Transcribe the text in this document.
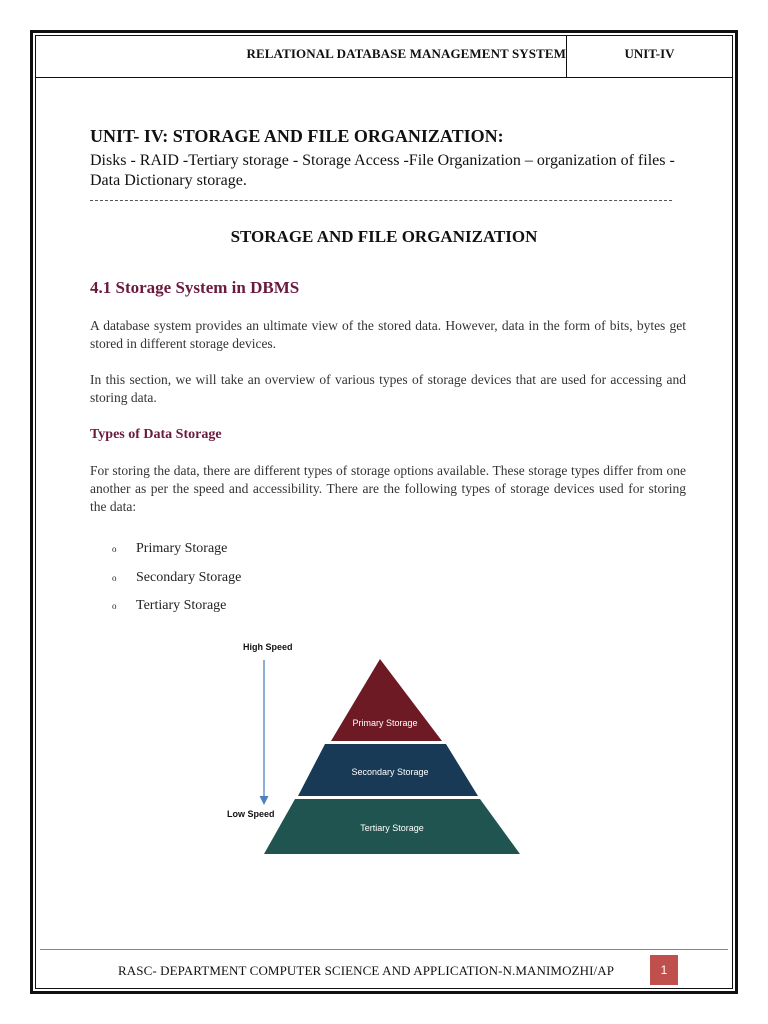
RELATIONAL DATABASE MANAGEMENT SYSTEM	UNIT-IV
UNIT- IV: STORAGE AND FILE ORGANIZATION:
Disks - RAID -Tertiary storage - Storage Access -File Organization – organization of files - Data Dictionary storage.
STORAGE AND FILE ORGANIZATION
4.1 Storage System in DBMS
A database system provides an ultimate view of the stored data. However, data in the form of bits, bytes get stored in different storage devices.
In this section, we will take an overview of various types of storage devices that are used for accessing and storing data.
Types of Data Storage
For storing the data, there are different types of storage options available. These storage types differ from one another as per the speed and accessibility. There are the following types of storage devices used for storing the data:
o	Primary Storage
o	Secondary Storage
o	Tertiary Storage
High Speed
Low Speed
Primary Storage
Secondary Storage
Tertiary Storage
RASC- DEPARTMENT COMPUTER SCIENCE AND APPLICATION-N.MANIMOZHI/AP	1
